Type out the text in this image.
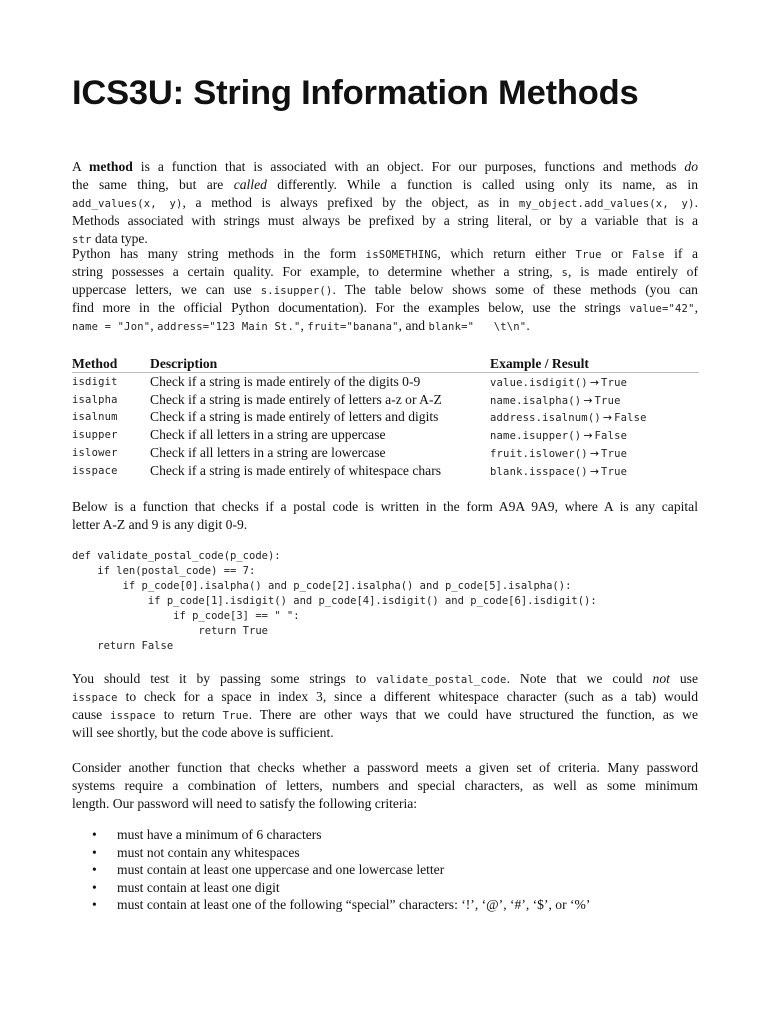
ICS3U: String Information Methods
A method is a function that is associated with an object. For our purposes, functions and methods do
the same thing, but are called differently. While a function is called using only its name, as in
add_values(x, y), a method is always prefixed by the object, as in my_object.add_values(x, y).
Methods associated with strings must always be prefixed by a string literal, or by a variable that is a
str data type.
Python has many string methods in the form isSOMETHING, which return either True or False if a
string possesses a certain quality. For example, to determine whether a string, s, is made entirely of
uppercase letters, we can use s.isupper(). The table below shows some of these methods (you can
find more in the official Python documentation). For the examples below, use the strings value="42",
name = "Jon", address="123 Main St.", fruit="banana", and blank="   \t\n".
Method	Description	Example / Result
isdigit	Check if a string is made entirely of the digits 0-9	value.isdigit() → True
isalpha	Check if a string is made entirely of letters a-z or A-Z	name.isalpha() → True
isalnum	Check if a string is made entirely of letters and digits	address.isalnum() → False
isupper	Check if all letters in a string are uppercase	name.isupper() → False
islower	Check if all letters in a string are lowercase	fruit.islower() → True
isspace	Check if a string is made entirely of whitespace chars	blank.isspace() → True
Below is a function that checks if a postal code is written in the form A9A 9A9, where A is any capital
letter A-Z and 9 is any digit 0-9.
def validate_postal_code(p_code):
if len(postal_code) == 7:
if p_code[0].isalpha() and p_code[2].isalpha() and p_code[5].isalpha():
if p_code[1].isdigit() and p_code[4].isdigit() and p_code[6].isdigit():
if p_code[3] == " ":
return True
return False
You should test it by passing some strings to validate_postal_code. Note that we could not use
isspace to check for a space in index 3, since a different whitespace character (such as a tab) would
cause isspace to return True. There are other ways that we could have structured the function, as we
will see shortly, but the code above is sufficient.
Consider another function that checks whether a password meets a given set of criteria. Many password
systems require a combination of letters, numbers and special characters, as well as some minimum
length. Our password will need to satisfy the following criteria:
• must have a minimum of 6 characters
• must not contain any whitespaces
• must contain at least one uppercase and one lowercase letter
• must contain at least one digit
• must contain at least one of the following “special” characters: ‘!’, ‘@’, ‘#’, ‘$’, or ‘%’
